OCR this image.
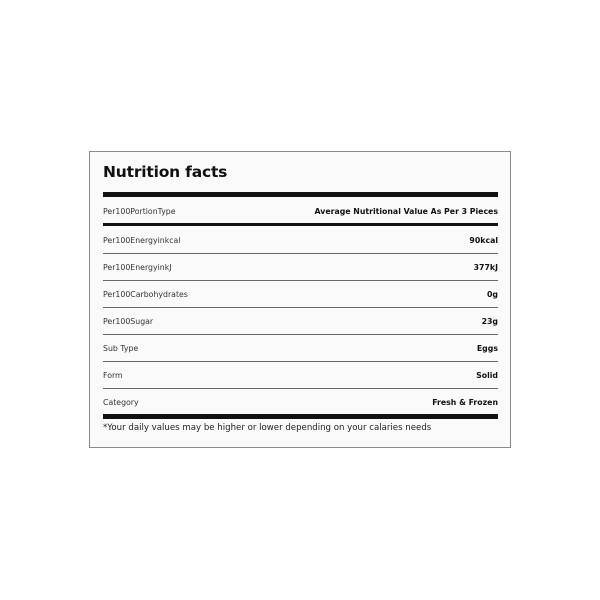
Nutrition facts
Per100PortionType	Average Nutritional Value As Per 3 Pieces
Per100Energyinkcal	90kcal
Per100EnergyinkJ	377kJ
Per100Carbohydrates	0g
Per100Sugar	23g
Sub Type	Eggs
Form	Solid
Category	Fresh & Frozen
*Your daily values may be higher or lower depending on your calaries needs
